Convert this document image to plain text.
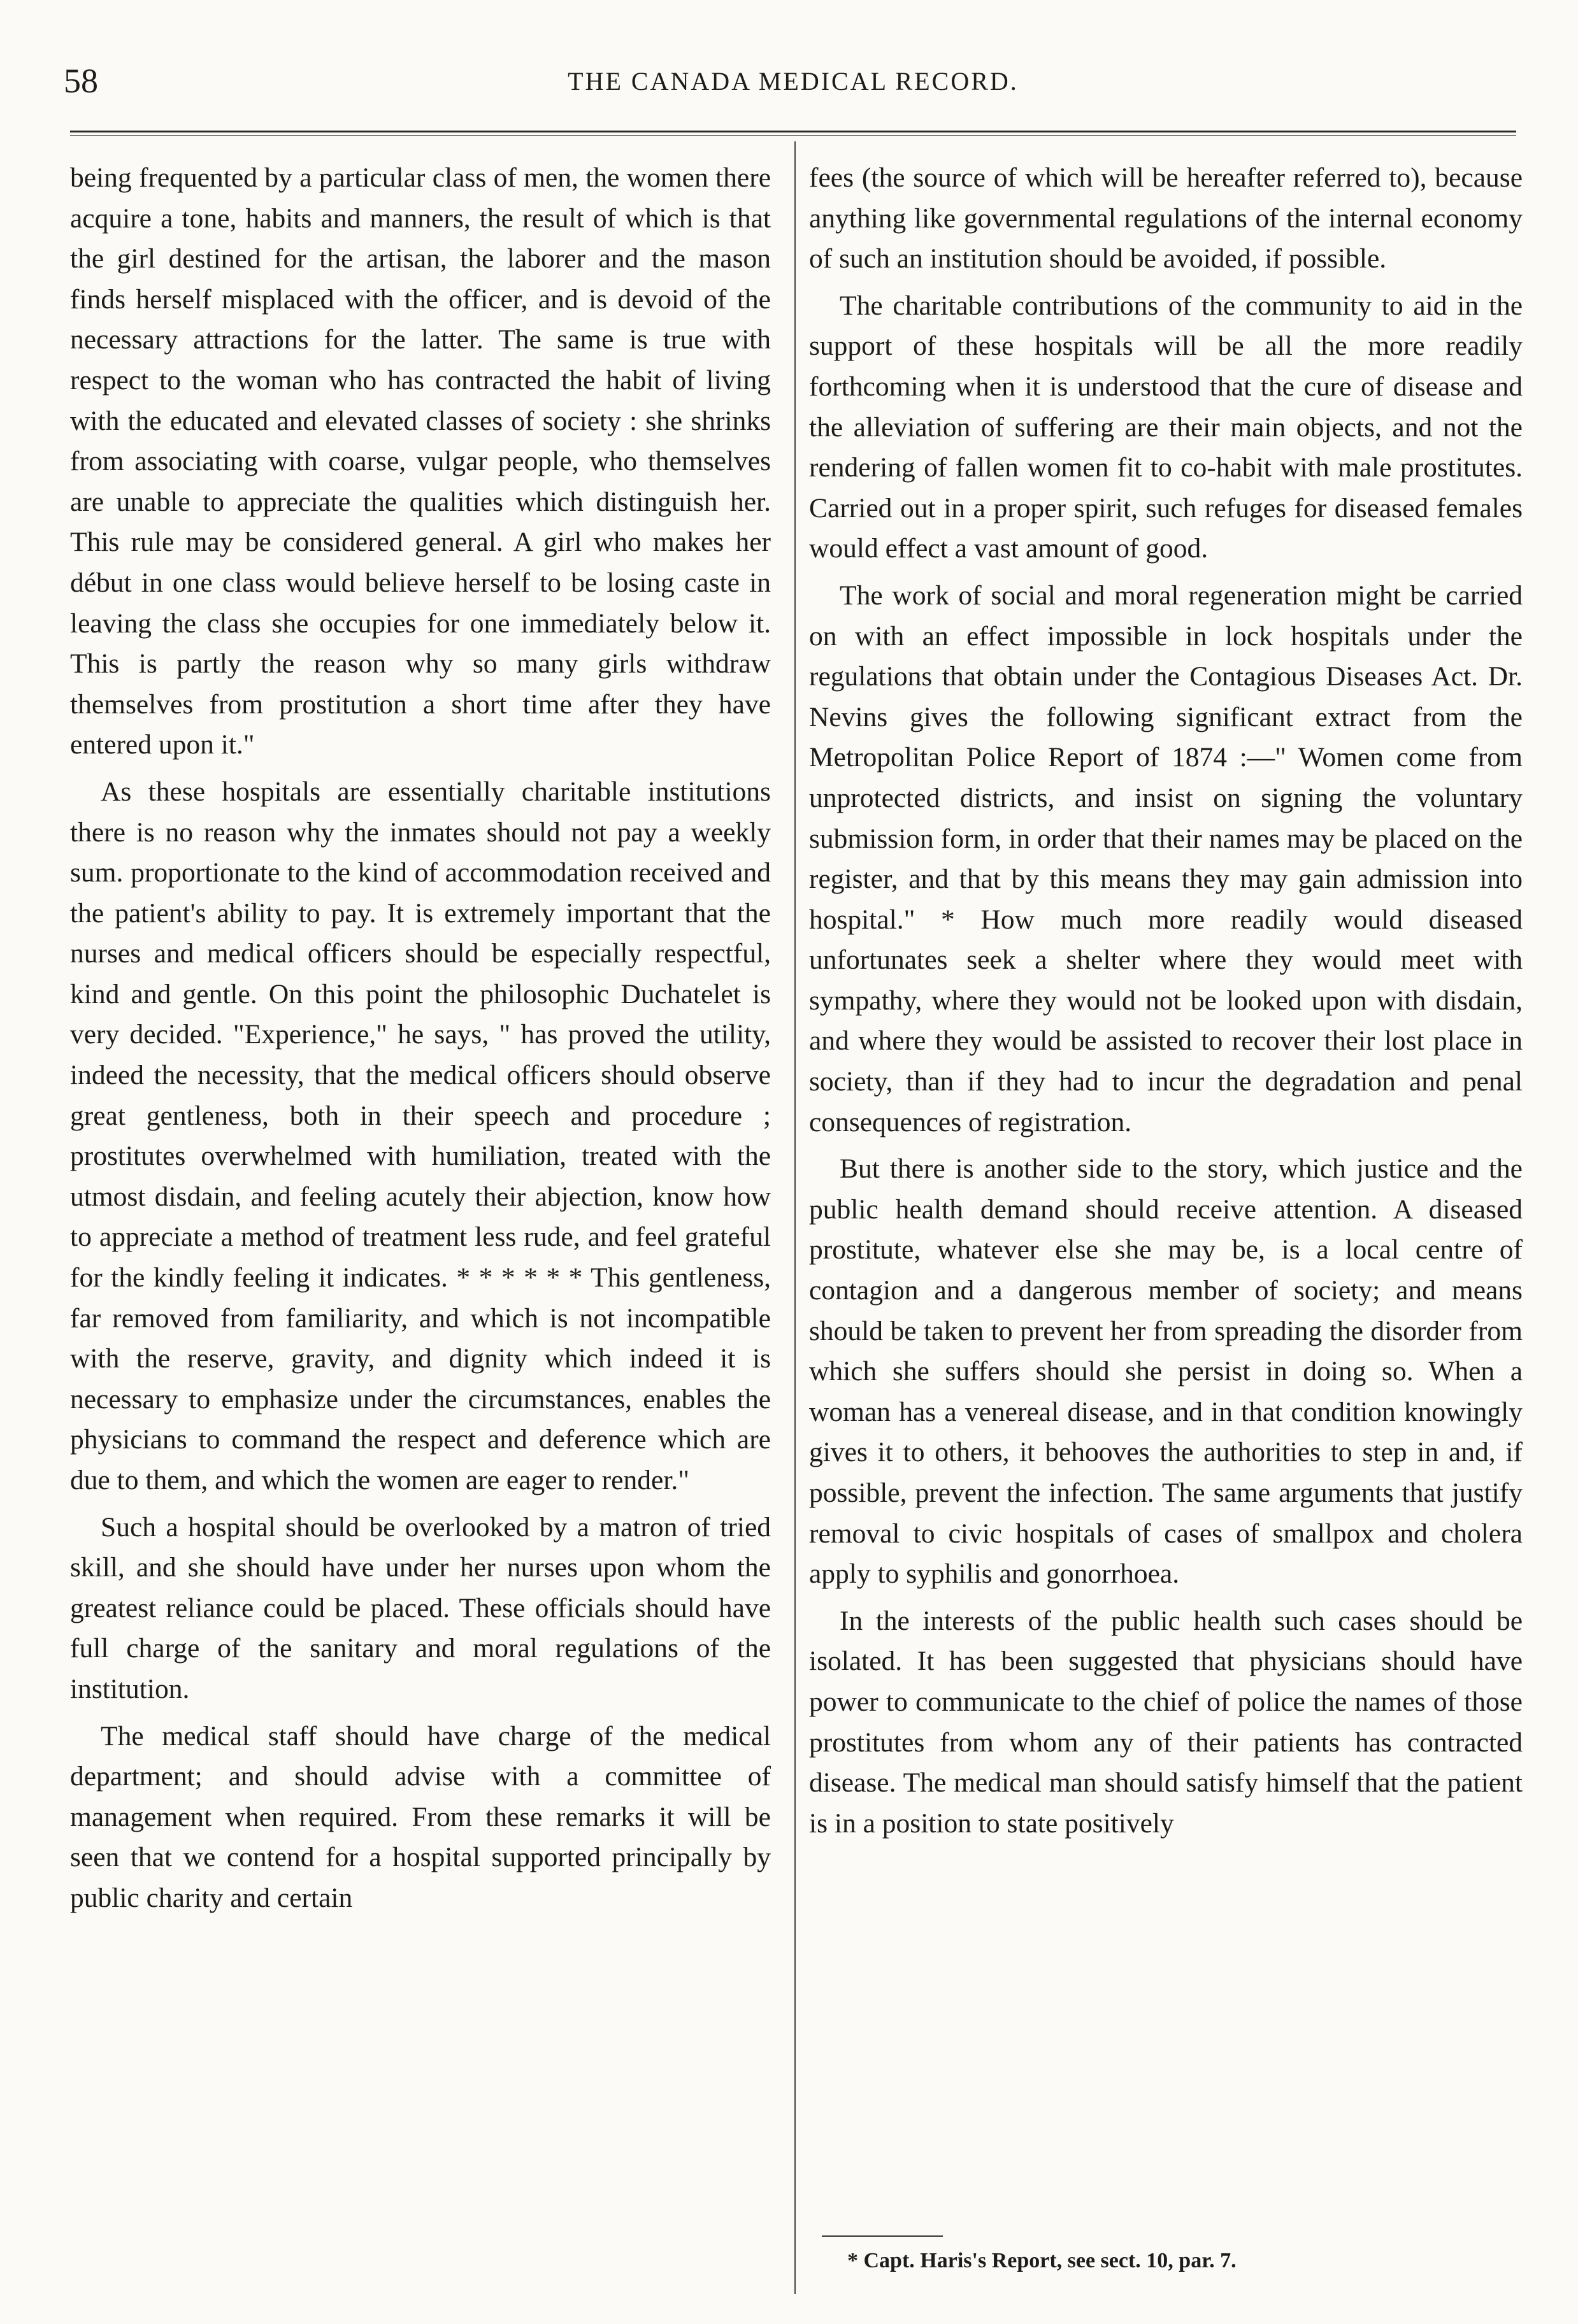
58	THE CANADA MEDICAL RECORD.

being frequented by a particular class of men, the women there acquire a tone, habits and manners, the result of which is that the girl destined for the artisan, the laborer and the mason finds herself misplaced with the officer, and is devoid of the necessary attractions for the latter. The same is true with respect to the woman who has contracted the habit of living with the educated and elevated classes of society : she shrinks from associating with coarse, vulgar people, who themselves are unable to appreciate the qualities which distinguish her. This rule may be considered general. A girl who makes her début in one class would believe herself to be losing caste in leaving the class she occupies for one immediately below it. This is partly the reason why so many girls withdraw themselves from prostitution a short time after they have entered upon it."

As these hospitals are essentially charitable institutions there is no reason why the inmates should not pay a weekly sum. proportionate to the kind of accommodation received and the patient's ability to pay. It is extremely important that the nurses and medical officers should be especially respectful, kind and gentle. On this point the philosophic Duchatelet is very decided. "Experience," he says, " has proved the utility, indeed the necessity, that the medical officers should observe great gentleness, both in their speech and procedure ; prostitutes overwhelmed with humiliation, treated with the utmost disdain, and feeling acutely their abjection, know how to appreciate a method of treatment less rude, and feel grateful for the kindly feeling it indicates. * * * * * * This gentleness, far removed from familiarity, and which is not incompatible with the reserve, gravity, and dignity which indeed it is necessary to emphasize under the circumstances, enables the physicians to command the respect and deference which are due to them, and which the women are eager to render."

Such a hospital should be overlooked by a matron of tried skill, and she should have under her nurses upon whom the greatest reliance could be placed. These officials should have full charge of the sanitary and moral regulations of the institution.

The medical staff should have charge of the medical department; and should advise with a committee of management when required. From these remarks it will be seen that we contend for a hospital supported principally by public charity and certain

fees (the source of which will be hereafter referred to), because anything like governmental regulations of the internal economy of such an institution should be avoided, if possible.

The charitable contributions of the community to aid in the support of these hospitals will be all the more readily forthcoming when it is understood that the cure of disease and the alleviation of suffering are their main objects, and not the rendering of fallen women fit to co-habit with male prostitutes. Carried out in a proper spirit, such refuges for diseased females would effect a vast amount of good.

The work of social and moral regeneration might be carried on with an effect impossible in lock hospitals under the regulations that obtain under the Contagious Diseases Act. Dr. Nevins gives the following significant extract from the Metropolitan Police Report of 1874 :—" Women come from unprotected districts, and insist on signing the voluntary submission form, in order that their names may be placed on the register, and that by this means they may gain admission into hospital." * How much more readily would diseased unfortunates seek a shelter where they would meet with sympathy, where they would not be looked upon with disdain, and where they would be assisted to recover their lost place in society, than if they had to incur the degradation and penal consequences of registration.

But there is another side to the story, which justice and the public health demand should receive attention. A diseased prostitute, whatever else she may be, is a local centre of contagion and a dangerous member of society; and means should be taken to prevent her from spreading the disorder from which she suffers should she persist in doing so. When a woman has a venereal disease, and in that condition knowingly gives it to others, it behooves the authorities to step in and, if possible, prevent the infection. The same arguments that justify removal to civic hospitals of cases of smallpox and cholera apply to syphilis and gonorrhoea.

In the interests of the public health such cases should be isolated. It has been suggested that physicians should have power to communicate to the chief of police the names of those prostitutes from whom any of their patients has contracted disease. The medical man should satisfy himself that the patient is in a position to state positively

* Capt. Haris's Report, see sect. 10, par. 7.
